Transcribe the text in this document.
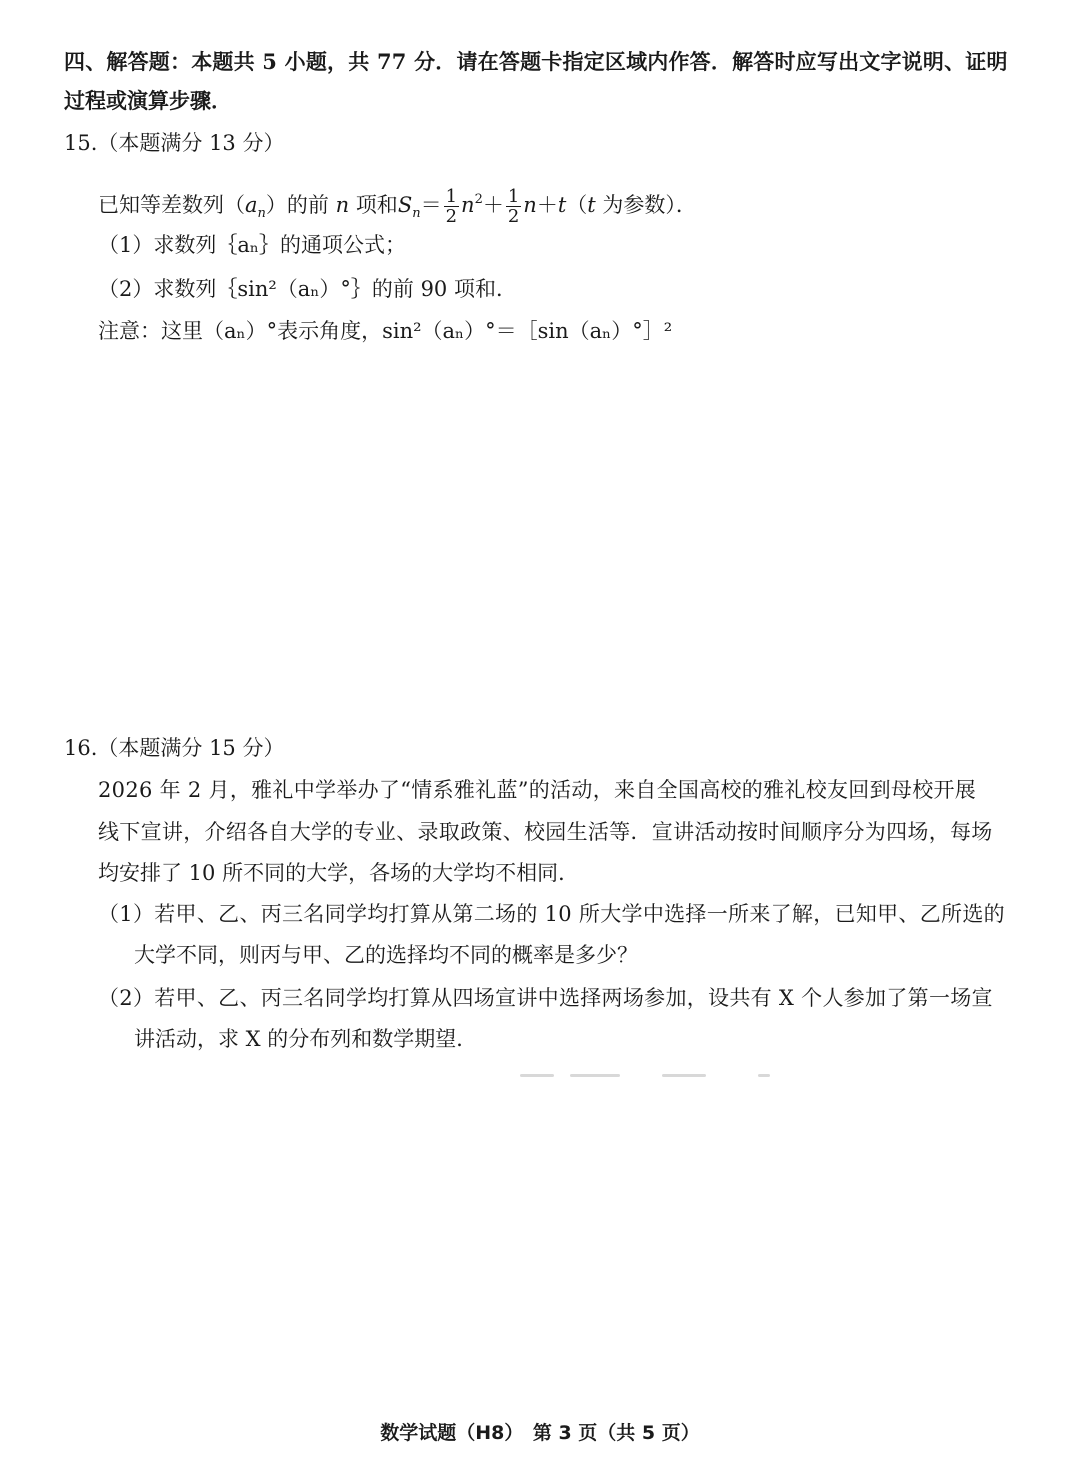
四、解答题：本题共 5 小题，共 77 分．请在答题卡指定区域内作答．解答时应写出文字说明、证明
过程或演算步骤．
15.（本题满分 13 分）
已知等差数列$(a_n)$的前 n 项和$S_n= \frac{1}{2} n^2+ \frac{1}{2} n+t(t$ 为参数）．
（1）求数列｛aₙ｝的通项公式；
（2）求数列｛sin²（aₙ）°｝的前 90 项和．
注意：这里（aₙ）°表示角度，sin²（aₙ）°＝［sin（aₙ）°］²
16.（本题满分 15 分）
2026 年 2 月，雅礼中学举办了“情系雅礼蓝”的活动，来自全国高校的雅礼校友回到母校开展
线下宣讲，介绍各自大学的专业、录取政策、校园生活等．宣讲活动按时间顺序分为四场，每场
均安排了 10 所不同的大学，各场的大学均不相同．
（1）若甲、乙、丙三名同学均打算从第二场的 10 所大学中选择一所来了解，已知甲、乙所选的
大学不同，则丙与甲、乙的选择均不同的概率是多少？
（2）若甲、乙、丙三名同学均打算从四场宣讲中选择两场参加，设共有 X 个人参加了第一场宣
讲活动，求 X 的分布列和数学期望．
数学试题（H8）　第 3 页（共 5 页）
